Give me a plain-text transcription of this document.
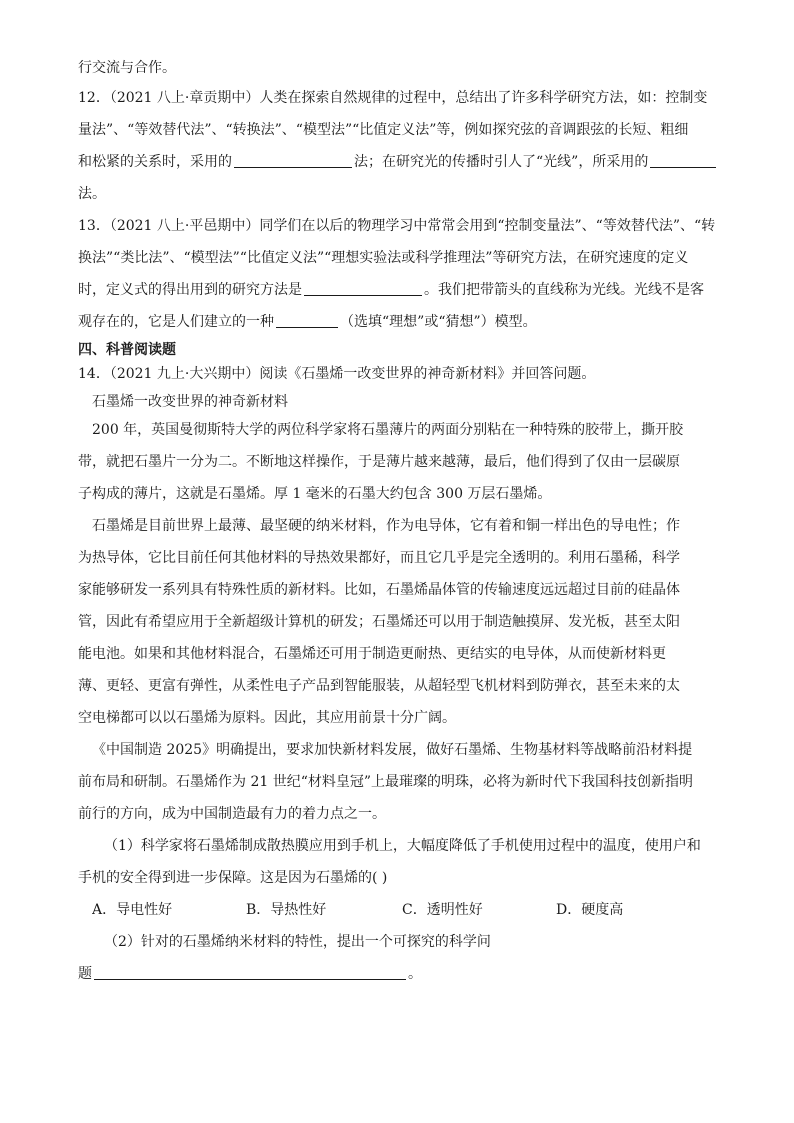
行交流与合作。
12．（2021 八上·章贡期中）人类在探索自然规律的过程中，总结出了许多科学研究方法，如：控制变
量法”、“等效替代法”、“转换法”、“模型法”“比值定义法”等，例如探究弦的音调跟弦的长短、粗细
和松紧的关系时，采用的	法；在研究光的传播时引人了“光线”，所采用的
法。
13．（2021 八上·平邑期中）同学们在以后的物理学习中常常会用到“控制变量法”、“等效替代法”、“转
换法”“类比法”、“模型法”“比值定义法”“理想实验法或科学推理法”等研究方法，在研究速度的定义
时，定义式的得出用到的研究方法是	。我们把带箭头的直线称为光线。光线不是客
观存在的，它是人们建立的一种	（选填“理想”或“猜想”）模型。
四、科普阅读题
14．（2021 九上·大兴期中）阅读《石墨烯一改变世界的神奇新材料》并回答问题。
石墨烯一改变世界的神奇新材料
200 年，英国曼彻斯特大学的两位科学家将石墨薄片的两面分别粘在一种特殊的胶带上，撕开胶
带，就把石墨片一分为二。不断地这样操作，于是薄片越来越薄，最后，他们得到了仅由一层碳原
子构成的薄片，这就是石墨烯。厚 1 毫米的石墨大约包含 300 万层石墨烯。
石墨烯是目前世界上最薄、最坚硬的纳米材料，作为电导体，它有着和铜一样出色的导电性；作
为热导体，它比目前任何其他材料的导热效果都好，而且它几乎是完全透明的。利用石墨稀，科学
家能够研发一系列具有特殊性质的新材料。比如，石墨烯晶体管的传输速度远远超过目前的硅晶体
管，因此有希望应用于全新超级计算机的研发；石墨烯还可以用于制造触摸屏、发光板，甚至太阳
能电池。如果和其他材料混合，石墨烯还可用于制造更耐热、更结实的电导体，从而使新材料更
薄、更轻、更富有弹性，从柔性电子产品到智能服装，从超轻型飞机材料到防弹衣，甚至未来的太
空电梯都可以以石墨烯为原料。因此，其应用前景十分广阔。
《中国制造 2025》明确提出，要求加快新材料发展，做好石墨烯、生物基材料等战略前沿材料提
前布局和研制。石墨烯作为 21 世纪“材料皇冠”上最璀璨的明珠，必将为新时代下我国科技创新指明
前行的方向，成为中国制造最有力的着力点之一。
（1）科学家将石墨烯制成散热膜应用到手机上，大幅度降低了手机使用过程中的温度，使用户和
手机的安全得到进一步保障。这是因为石墨烯的( )
A．导电性好	B．导热性好	C．透明性好	D．硬度高
（2）针对的石墨烯纳米材料的特性，提出一个可探究的科学问
题	。
